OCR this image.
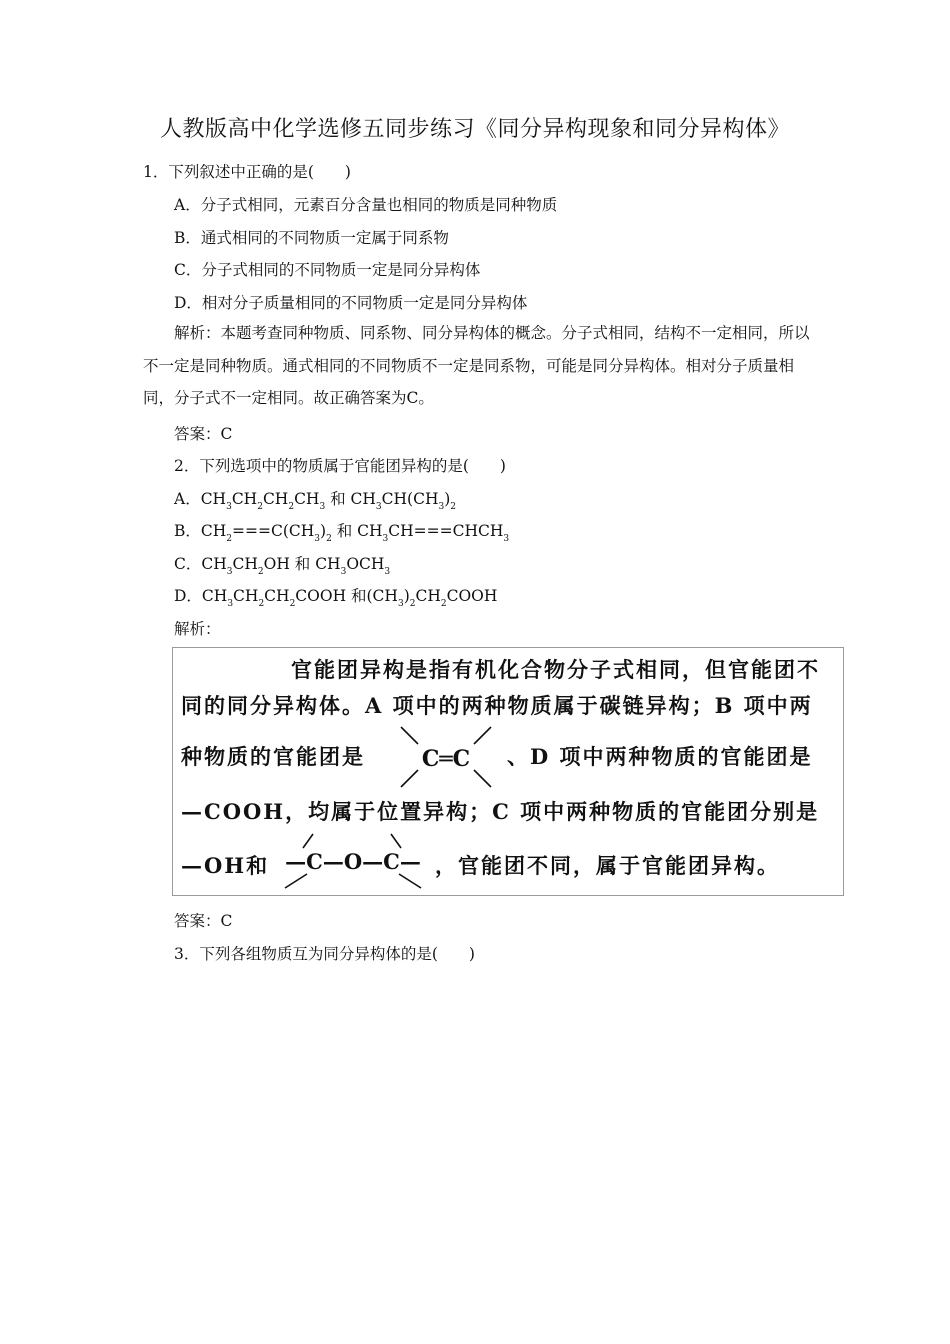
人教版高中化学选修五同步练习《同分异构现象和同分异构体》
1．下列叙述中正确的是(　　)
A．分子式相同，元素百分含量也相同的物质是同种物质
B．通式相同的不同物质一定属于同系物
C．分子式相同的不同物质一定是同分异构体
D．相对分子质量相同的不同物质一定是同分异构体
解析：本题考查同种物质、同系物、同分异构体的概念。分子式相同，结构不一定相同，所以不一定是同种物质。通式相同的不同物质不一定是同系物，可能是同分异构体。相对分子质量相同，分子式不一定相同。故正确答案为C。
答案：C
2．下列选项中的物质属于官能团异构的是(　　)
A．$CH_3CH_2CH_2CH_3$ 和 $CH_3CH(CH_3)_2$
B．$CH_2===C(CH_3)_2$ 和 $CH_3CH===CHCH_3$
C．$CH_3CH_2OH$ 和 $CH_3OCH_3$
D．$CH_3CH_2CH_2COOH$ 和$(CH_3)_2CH_2COOH$
解析：
官能团异构是指有机化合物分子式相同，但官能团不
同的同分异构体。A 项中的两种物质属于碳链异构；B 项中两
种物质的官能团是	C═C 、D 项中两种物质的官能团是
—COOH，均属于位置异构；C 项中两种物质的官能团分别是
—OH和 —C—O—C— ，官能团不同，属于官能团异构。
答案：C
3．下列各组物质互为同分异构体的是(　　)
